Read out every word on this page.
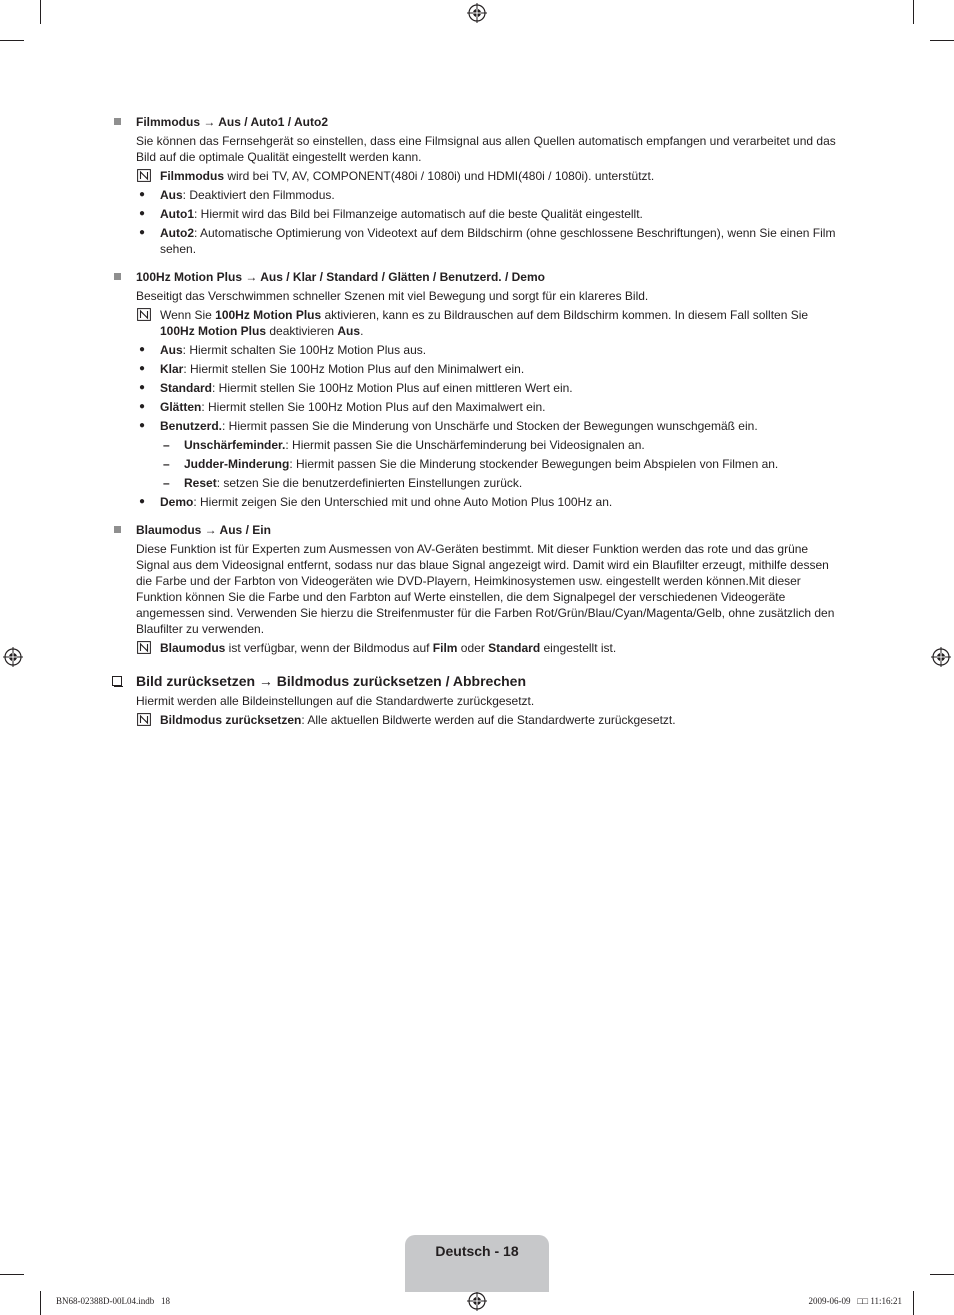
Filmmodus → Aus / Auto1 / Auto2
Sie können das Fernsehgerät so einstellen, dass eine Filmsignal aus allen Quellen automatisch empfangen und verarbeitet und das Bild auf die optimale Qualität eingestellt werden kann.
Filmmodus wird bei TV, AV, COMPONENT(480i / 1080i) und HDMI(480i / 1080i). unterstützt.
● Aus: Deaktiviert den Filmmodus.
● Auto1: Hiermit wird das Bild bei Filmanzeige automatisch auf die beste Qualität eingestellt.
● Auto2: Automatische Optimierung von Videotext auf dem Bildschirm (ohne geschlossene Beschriftungen), wenn Sie einen Film sehen.
100Hz Motion Plus → Aus / Klar / Standard / Glätten / Benutzerd. / Demo
Beseitigt das Verschwimmen schneller Szenen mit viel Bewegung und sorgt für ein klareres Bild.
Wenn Sie 100Hz Motion Plus aktivieren, kann es zu Bildrauschen auf dem Bildschirm kommen. In diesem Fall sollten Sie 100Hz Motion Plus deaktivieren Aus.
● Aus: Hiermit schalten Sie 100Hz Motion Plus aus.
● Klar: Hiermit stellen Sie 100Hz Motion Plus auf den Minimalwert ein.
● Standard: Hiermit stellen Sie 100Hz Motion Plus auf einen mittleren Wert ein.
● Glätten: Hiermit stellen Sie 100Hz Motion Plus auf den Maximalwert ein.
● Benutzerd.: Hiermit passen Sie die Minderung von Unschärfe und Stocken der Bewegungen wunschgemäß ein.
– Unschärfeminder.: Hiermit passen Sie die Unschärfeminderung bei Videosignalen an.
– Judder-Minderung: Hiermit passen Sie die Minderung stockender Bewegungen beim Abspielen von Filmen an.
– Reset: setzen Sie die benutzerdefinierten Einstellungen zurück.
● Demo: Hiermit zeigen Sie den Unterschied mit und ohne Auto Motion Plus 100Hz an.
Blaumodus → Aus / Ein
Diese Funktion ist für Experten zum Ausmessen von AV-Geräten bestimmt. Mit dieser Funktion werden das rote und das grüne Signal aus dem Videosignal entfernt, sodass nur das blaue Signal angezeigt wird. Damit wird ein Blaufilter erzeugt, mithilfe dessen die Farbe und der Farbton von Videogeräten wie DVD-Playern, Heimkinosystemen usw. eingestellt werden können.Mit dieser Funktion können Sie die Farbe und den Farbton auf Werte einstellen, die dem Signalpegel der verschiedenen Videogeräte angemessen sind. Verwenden Sie hierzu die Streifenmuster für die Farben Rot/Grün/Blau/Cyan/Magenta/Gelb, ohne zusätzlich den Blaufilter zu verwenden.
Blaumodus ist verfügbar, wenn der Bildmodus auf Film oder Standard eingestellt ist.
Bild zurücksetzen → Bildmodus zurücksetzen / Abbrechen
Hiermit werden alle Bildeinstellungen auf die Standardwerte zurückgesetzt.
Bildmodus zurücksetzen: Alle aktuellen Bildwerte werden auf die Standardwerte zurückgesetzt.
Deutsch - 18
BN68-02388D-00L04.indb   18	2009-06-09   □□ 11:16:21
